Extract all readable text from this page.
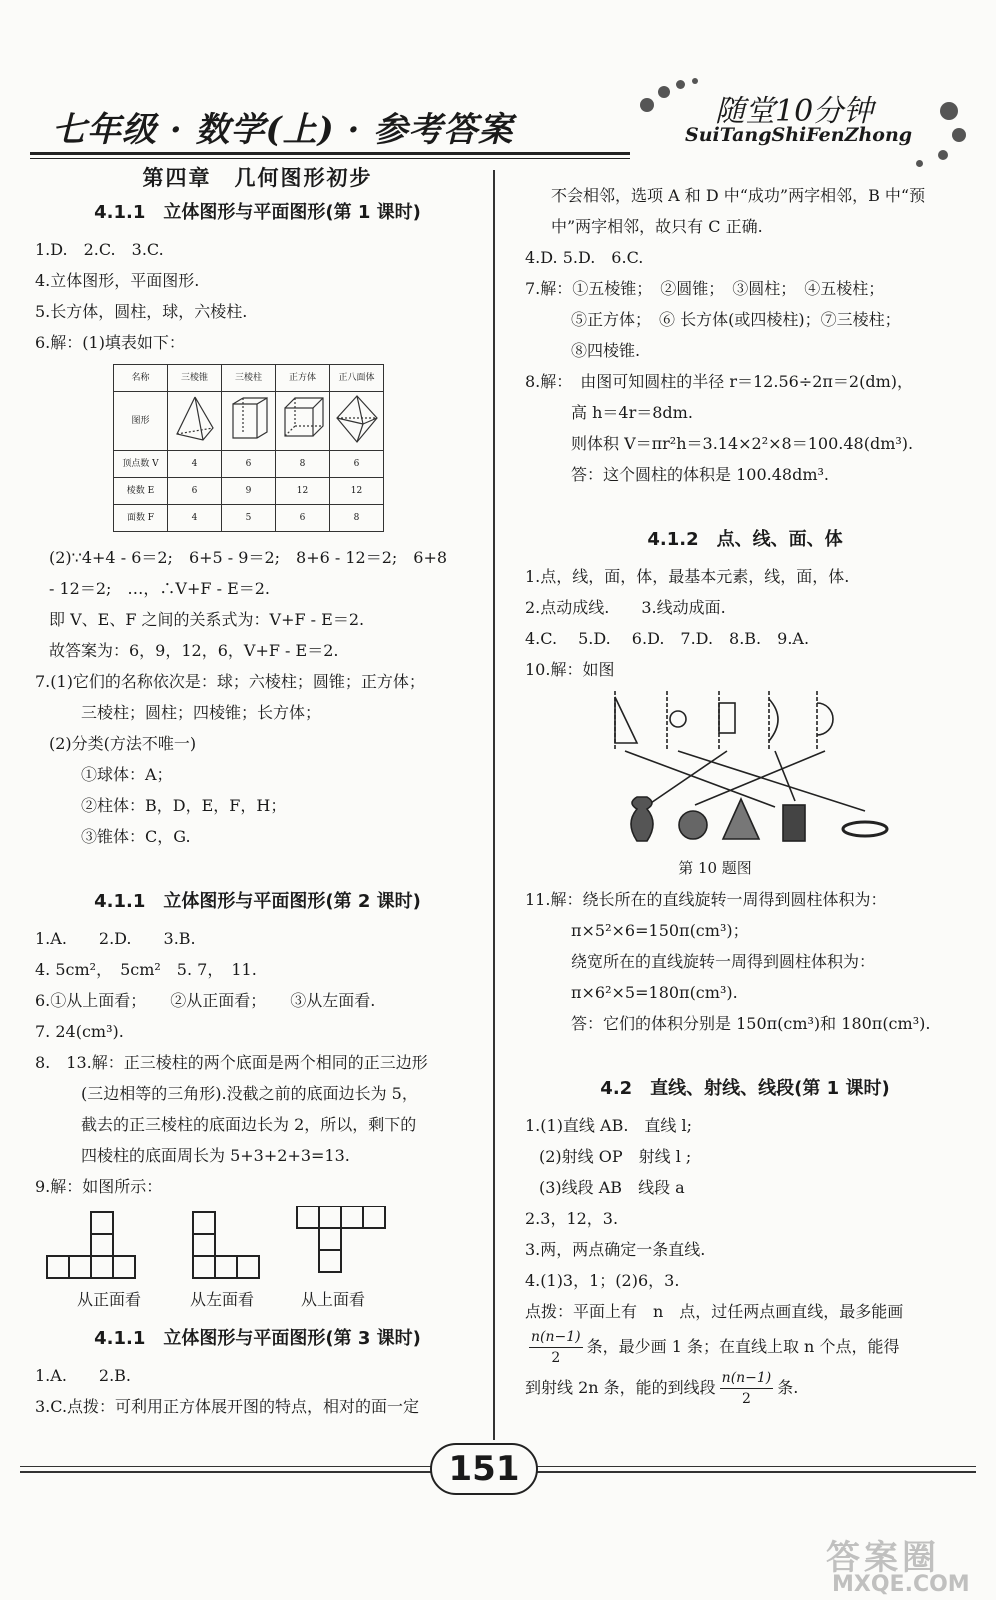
七年级 · 数学(上) · 参考答案	随堂10分钟
SuiTangShiFenZhong
第四章　几何图形初步
4.1.1　立体图形与平面图形(第 1 课时)
1.D.　2.C.　3.C.
4.立体图形，平面图形.
5.长方体，圆柱，球，六棱柱.
6.解：(1)填表如下：
名称	三棱锥	三棱柱	正方体	正八面体
图形				
顶点数 V	4	6	8	6
棱数 E	6	9	12	12
面数 F	4	5	6	8
(2)∵4+4 - 6＝2;　6+5 - 9＝2;　8+6 - 12＝2;　6+8
- 12＝2;　…，∴V+F - E＝2.
即 V、E、F 之间的关系式为：V+F - E＝2.
故答案为：6，9，12，6，V+F - E＝2.
7.(1)它们的名称依次是：球；六棱柱；圆锥；正方体；
三棱柱；圆柱；四棱锥；长方体；
(2)分类(方法不唯一)
①球体：A；
②柱体：B，D，E，F，H；
③锥体：C，G.
4.1.1　立体图形与平面图形(第 2 课时)
1.A.　　2.D.　　3.B.
4. 5cm²，　5cm²　5. 7，　11.
6.①从上面看；　　②从正面看；　　③从左面看.
7. 24(cm³).
8.　13.解：正三棱柱的两个底面是两个相同的正三边形
(三边相等的三角形).没截之前的底面边长为 5，
截去的正三棱柱的底面边长为 2，所以，剩下的
四棱柱的底面周长为 5+3+2+3=13.
9.解：如图所示：
从正面看	从左面看	从上面看
4.1.1　立体图形与平面图形(第 3 课时)
1.A.　　2.B.
3.C.点拨：可利用正方体展开图的特点，相对的面一定
不会相邻，选项 A 和 D 中“成功”两字相邻，B 中“预
中”两字相邻，故只有 C 正确.
4.D. 5.D.　6.C.
7.解：①五棱锥；　②圆锥；　③圆柱；　④五棱柱；
⑤正方体；　⑥ 长方体(或四棱柱)；⑦三棱柱；
⑧四棱锥.
8.解：　由图可知圆柱的半径 r＝12.56÷2π＝2(dm)，
高 h＝4r＝8dm.
则体积 V＝πr²h＝3.14×2²×8＝100.48(dm³).
答：这个圆柱的体积是 100.48dm³.
4.1.2　点、线、面、体
1.点，线，面，体，最基本元素，线，面，体.
2.点动成线.　　3.线动成面.
4.C.　 5.D.　 6.D.　7.D.　8.B.　9.A.
10.解：如图
第 10 题图
11.解：绕长所在的直线旋转一周得到圆柱体积为：
π×5²×6=150π(cm³)；
绕宽所在的直线旋转一周得到圆柱体积为：
π×6²×5=180π(cm³).
答：它们的体积分别是 150π(cm³)和 180π(cm³).
4.2　直线、射线、线段(第 1 课时)
1.(1)直线 AB.　直线 l;
(2)射线 OP　射线 l ;
(3)线段 AB　线段 a
2.3，12，3.
3.两，两点确定一条直线.
4.(1)3，1；(2)6，3.
点拨：平面上有　n　点，过任两点画直线，最多能画
$\frac{n(n-1)}{2}$ 条，最少画 1 条；在直线上取 n 个点，能得
到射线 2n 条，能的到线段 $\frac{n(n-1)}{2}$ 条.
151
答案圈
MXQE.COM
